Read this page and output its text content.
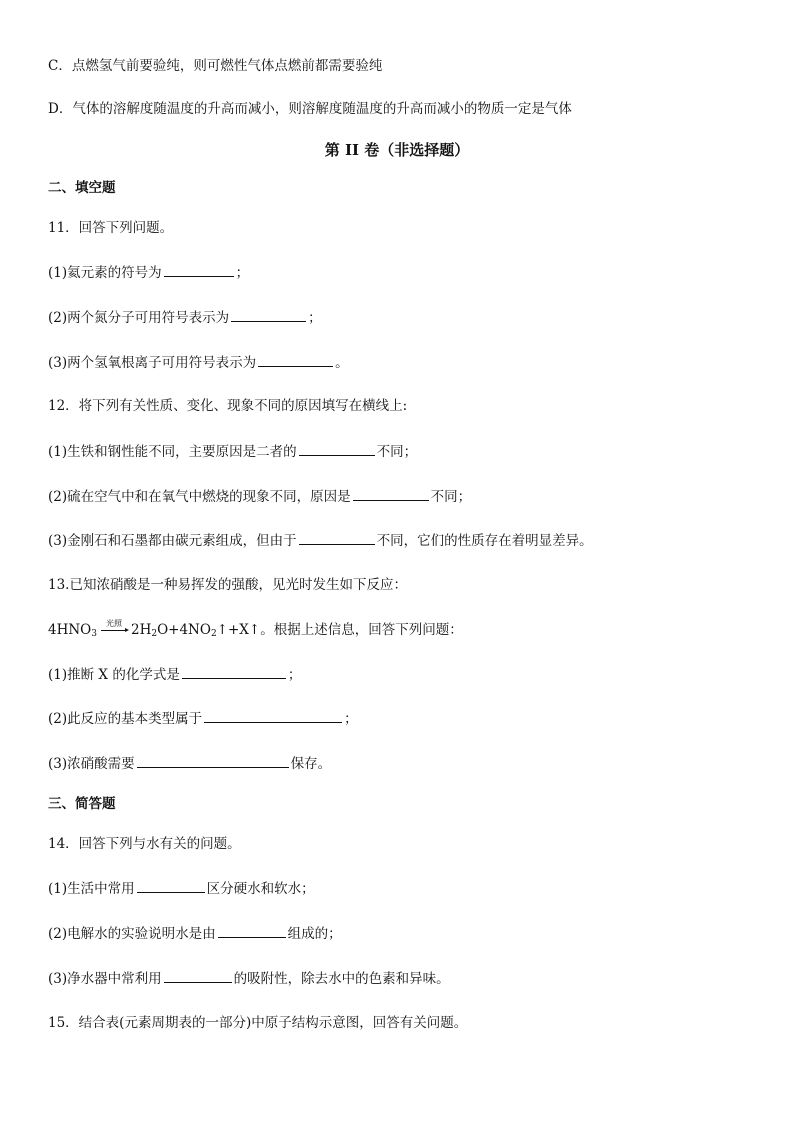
C．点燃氢气前要验纯，则可燃性气体点燃前都需要验纯
D．气体的溶解度随温度的升高而减小，则溶解度随温度的升高而减小的物质一定是气体
第 II 卷（非选择题）
二、填空题
11．回答下列问题。
(1)氦元素的符号为	；
(2)两个氮分子可用符号表示为	；
(3)两个氢氧根离子可用符号表示为	。
12．将下列有关性质、变化、现象不同的原因填写在横线上:
(1)生铁和钢性能不同，主要原因是二者的	不同；
(2)硫在空气中和在氧气中燃烧的现象不同，原因是	不同；
(3)金刚石和石墨都由碳元素组成，但由于	不同，它们的性质存在着明显差异。
13.已知浓硝酸是一种易挥发的强酸，见光时发生如下反应：
$4HNO_3$
光照 $2H_2O+4NO_2↑+X↑$。根据上述信息，回答下列问题：
(1)推断 X 的化学式是	；
(2)此反应的基本类型属于	；
(3)浓硝酸需要	保存。
三、简答题
14．回答下列与水有关的问题。
(1)生活中常用	区分硬水和软水；
(2)电解水的实验说明水是由	组成的；
(3)净水器中常利用	的吸附性，除去水中的色素和异味。
15．结合表(元素周期表的一部分)中原子结构示意图，回答有关问题。
